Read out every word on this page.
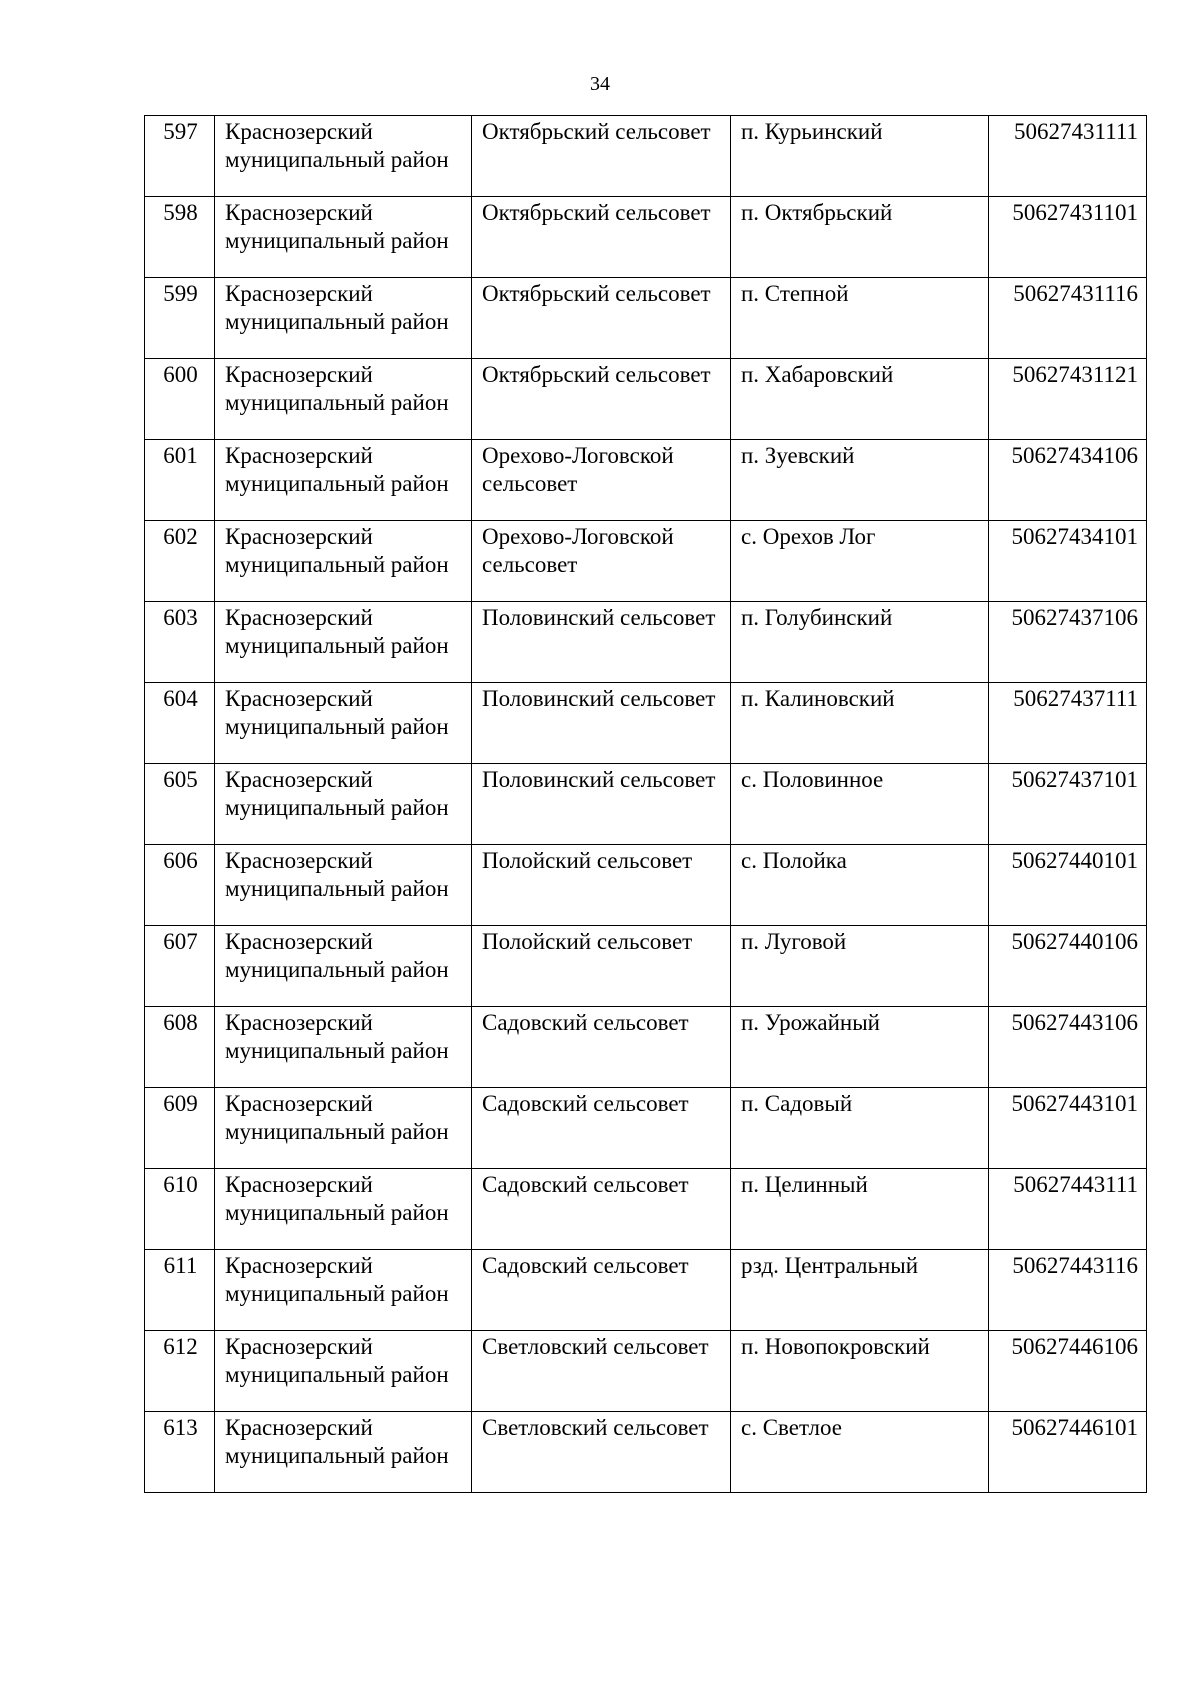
34
597	Краснозерский муниципальный район	Октябрьский сельсовет	п. Курьинский	50627431111
598	Краснозерский муниципальный район	Октябрьский сельсовет	п. Октябрьский	50627431101
599	Краснозерский муниципальный район	Октябрьский сельсовет	п. Степной	50627431116
600	Краснозерский муниципальный район	Октябрьский сельсовет	п. Хабаровский	50627431121
601	Краснозерский муниципальный район	Орехово-Логовской сельсовет	п. Зуевский	50627434106
602	Краснозерский муниципальный район	Орехово-Логовской сельсовет	с. Орехов Лог	50627434101
603	Краснозерский муниципальный район	Половинский сельсовет	п. Голубинский	50627437106
604	Краснозерский муниципальный район	Половинский сельсовет	п. Калиновский	50627437111
605	Краснозерский муниципальный район	Половинский сельсовет	с. Половинное	50627437101
606	Краснозерский муниципальный район	Полойский сельсовет	с. Полойка	50627440101
607	Краснозерский муниципальный район	Полойский сельсовет	п. Луговой	50627440106
608	Краснозерский муниципальный район	Садовский сельсовет	п. Урожайный	50627443106
609	Краснозерский муниципальный район	Садовский сельсовет	п. Садовый	50627443101
610	Краснозерский муниципальный район	Садовский сельсовет	п. Целинный	50627443111
611	Краснозерский муниципальный район	Садовский сельсовет	рзд. Центральный	50627443116
612	Краснозерский муниципальный район	Светловский сельсовет	п. Новопокровский	50627446106
613	Краснозерский муниципальный район	Светловский сельсовет	с. Светлое	50627446101
